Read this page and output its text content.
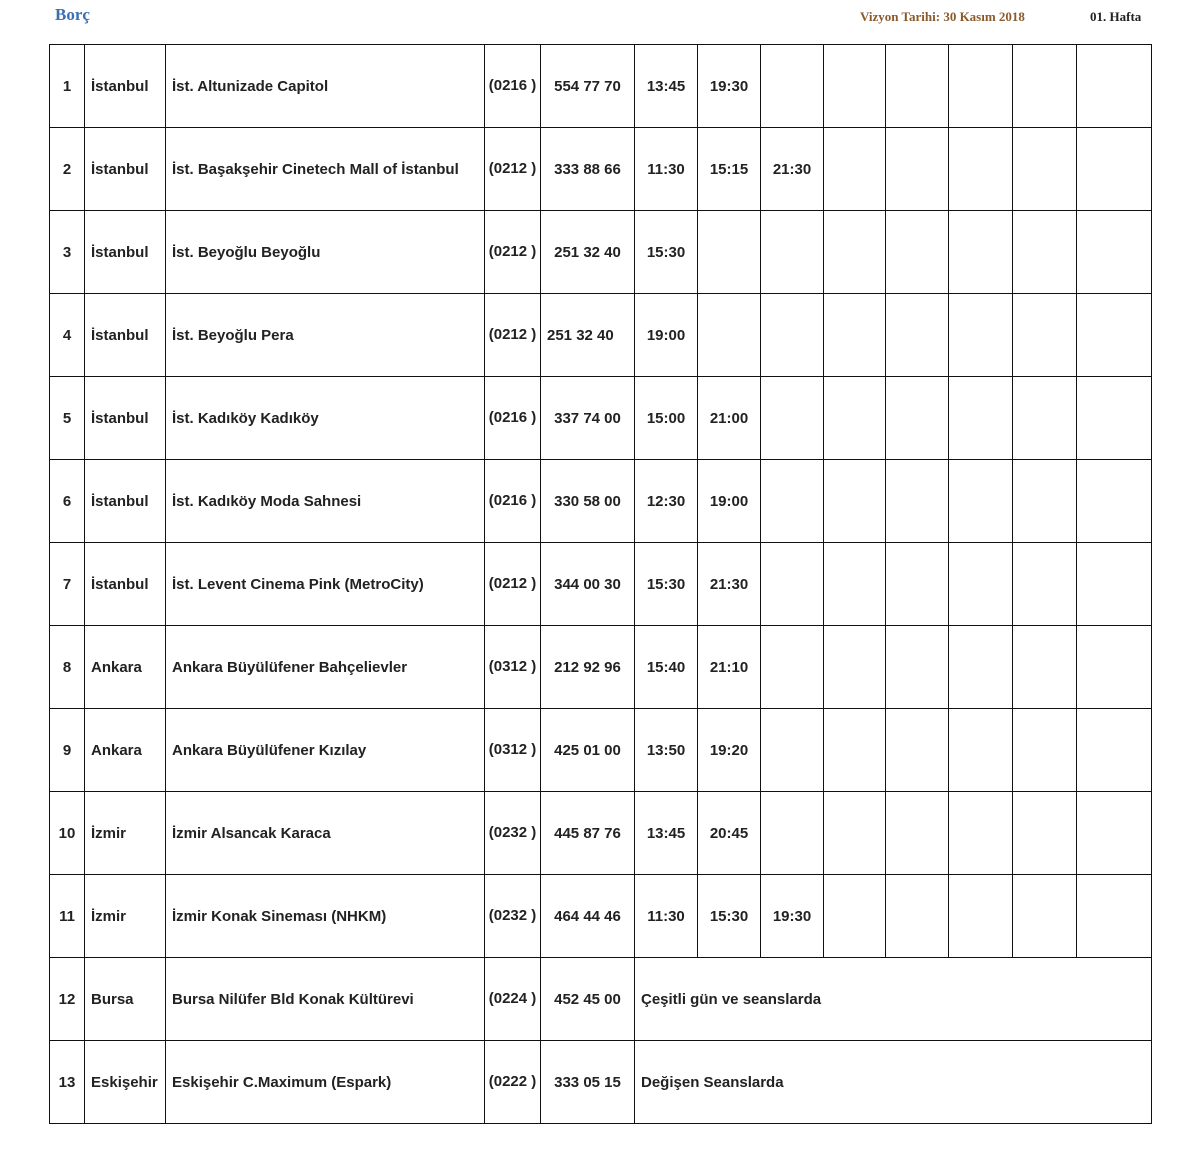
Borç	Vizyon Tarihi: 30 Kasım 2018	01. Hafta
1	İstanbul	İst. Altunizade Capitol	(0216 )	554 77 70	13:45	19:30						
2	İstanbul	İst. Başakşehir Cinetech Mall of İstanbul	(0212 )	333 88 66	11:30	15:15	21:30					
3	İstanbul	İst. Beyoğlu Beyoğlu	(0212 )	251 32 40	15:30							
4	İstanbul	İst. Beyoğlu Pera	(0212 )	251 32 40	19:00							
5	İstanbul	İst. Kadıköy Kadıköy	(0216 )	337 74 00	15:00	21:00						
6	İstanbul	İst. Kadıköy Moda Sahnesi	(0216 )	330 58 00	12:30	19:00						
7	İstanbul	İst. Levent Cinema Pink (MetroCity)	(0212 )	344 00 30	15:30	21:30						
8	Ankara	Ankara Büyülüfener Bahçelievler	(0312 )	212 92 96	15:40	21:10						
9	Ankara	Ankara Büyülüfener Kızılay	(0312 )	425 01 00	13:50	19:20						
10	İzmir	İzmir Alsancak Karaca	(0232 )	445 87 76	13:45	20:45						
11	İzmir	İzmir Konak Sineması (NHKM)	(0232 )	464 44 46	11:30	15:30	19:30					
12	Bursa	Bursa Nilüfer Bld Konak Kültürevi	(0224 )	452 45 00	Çeşitli gün ve seanslarda							
13	Eskişehir	Eskişehir C.Maximum (Espark)	(0222 )	333 05 15	Değişen Seanslarda							
